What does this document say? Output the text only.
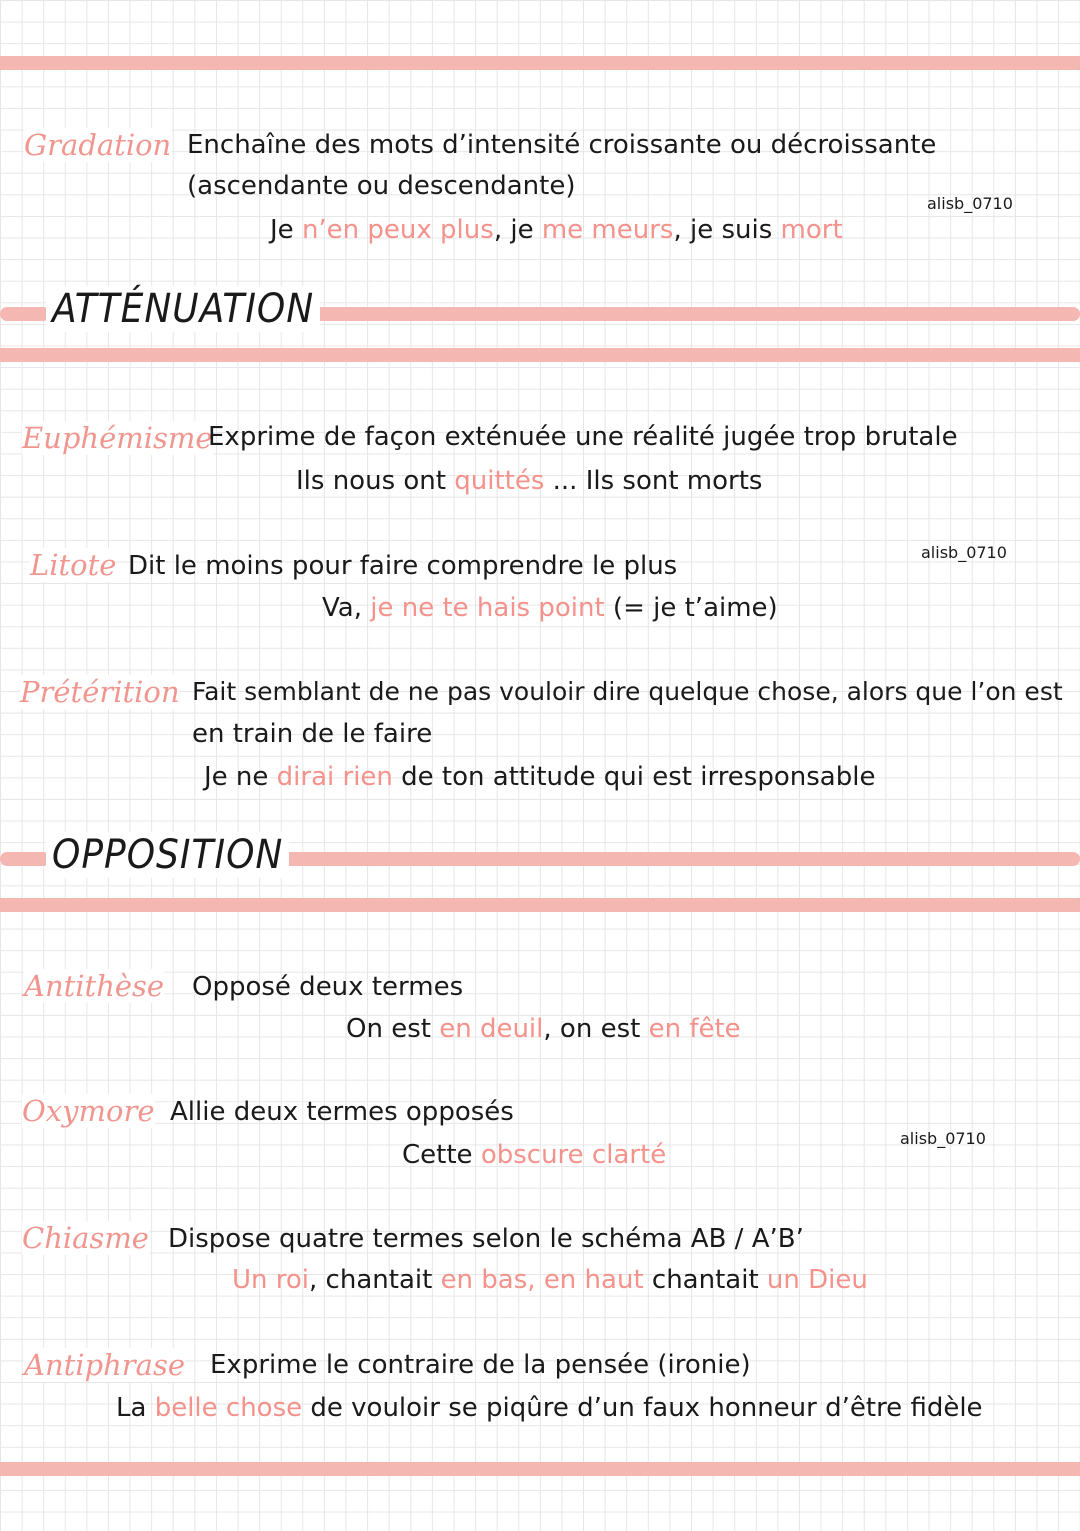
ATTÉNUATION
OPPOSITION

Gradation Enchaîne des mots d’intensité croissante ou décroissante

(ascendante ou descendante)

Je n’en peux plus, je me meurs, je suis mort

alisb_0710

Euphémisme

Exprime de façon exténuée une réalité jugée trop brutale

Ils nous ont quittés ... Ils sont morts

Litote Dit le moins pour faire comprendre le plus

Va, je ne te hais point (= je t’aime)

alisb_0710

Prétérition Fait semblant de ne pas vouloir dire quelque chose, alors que l’on est

en train de le faire

Je ne dirai rien de ton attitude qui est irresponsable

Antithèse Opposé deux termes

On est en deuil, on est en fête

Oxymore Allie deux termes opposés

Cette obscure clarté

alisb_0710

Chiasme Dispose quatre termes selon le schéma AB / A’B’

Un roi, chantait en bas, en haut chantait un Dieu

Antiphrase Exprime le contraire de la pensée (ironie)

La belle chose de vouloir se piqûre d’un faux honneur d’être fidèle
